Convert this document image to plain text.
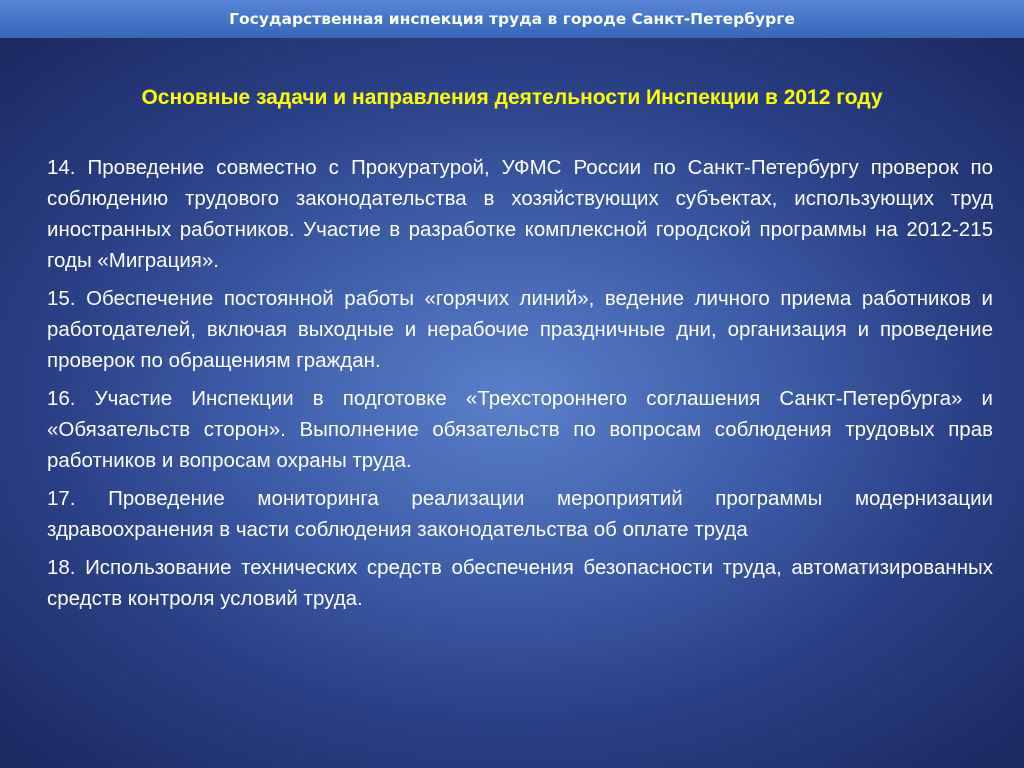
Государственная инспекция труда в городе Санкт-Петербурге
Основные задачи и направления деятельности Инспекции в 2012 году
14. Проведение совместно с Прокуратурой, УФМС России по Санкт-Петербургу проверок по соблюдению трудового законодательства в хозяйствующих субъектах, использующих труд иностранных работников. Участие в разработке комплексной городской программы на 2012-215 годы «Миграция».
15. Обеспечение постоянной работы «горячих линий», ведение личного приема работников и работодателей, включая выходные и нерабочие праздничные дни, организация и проведение проверок по обращениям граждан.
16. Участие Инспекции в подготовке «Трехстороннего соглашения Санкт-Петербурга» и «Обязательств сторон». Выполнение обязательств по вопросам соблюдения трудовых прав работников и вопросам охраны труда.
17. Проведение мониторинга реализации мероприятий программы модернизации здравоохранения в части соблюдения законодательства об оплате труда
18. Использование технических средств обеспечения безопасности труда, автоматизированных средств контроля условий труда.
